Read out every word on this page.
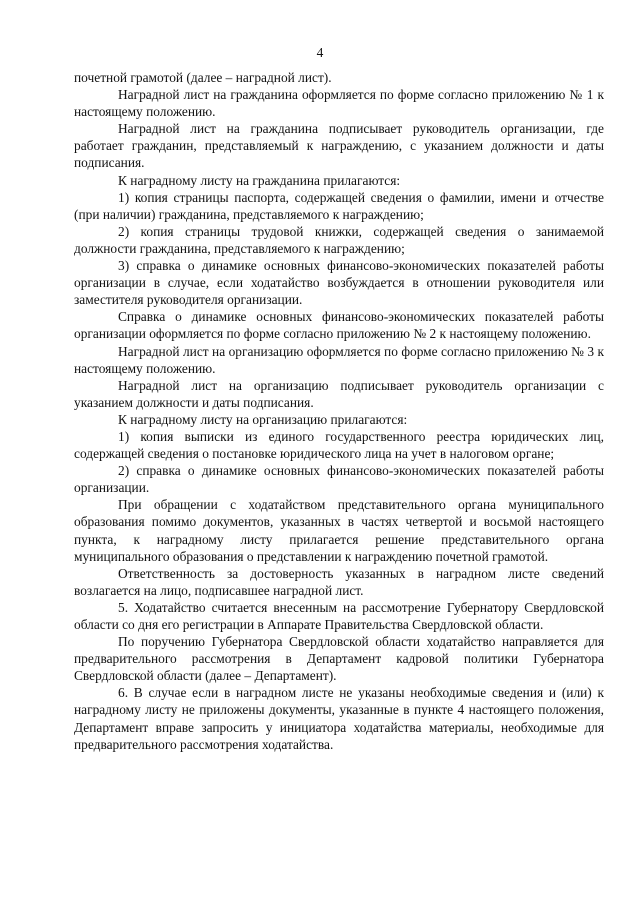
4

почетной грамотой (далее – наградной лист).

Наградной лист на гражданина оформляется по форме согласно приложению № 1 к настоящему положению.

Наградной лист на гражданина подписывает руководитель организации, где работает гражданин, представляемый к награждению, с указанием должности и даты подписания.

К наградному листу на гражданина прилагаются:

1) копия страницы паспорта, содержащей сведения о фамилии, имени и отчестве (при наличии) гражданина, представляемого к награждению;

2) копия страницы трудовой книжки, содержащей сведения о занимаемой должности гражданина, представляемого к награждению;

3) справка о динамике основных финансово-экономических показателей работы организации в случае, если ходатайство возбуждается в отношении руководителя или заместителя руководителя организации.

Справка о динамике основных финансово-экономических показателей работы организации оформляется по форме согласно приложению № 2 к настоящему положению.

Наградной лист на организацию оформляется по форме согласно приложению № 3 к настоящему положению.

Наградной лист на организацию подписывает руководитель организации с указанием должности и даты подписания.

К наградному листу на организацию прилагаются:

1) копия выписки из единого государственного реестра юридических лиц, содержащей сведения о постановке юридического лица на учет в налоговом органе;

2) справка о динамике основных финансово-экономических показателей работы организации.

При обращении с ходатайством представительного органа муниципального образования помимо документов, указанных в частях четвертой и восьмой настоящего пункта, к наградному листу прилагается решение представительного органа муниципального образования о представлении к награждению почетной грамотой.

Ответственность за достоверность указанных в наградном листе сведений возлагается на лицо, подписавшее наградной лист.

5. Ходатайство считается внесенным на рассмотрение Губернатору Свердловской области со дня его регистрации в Аппарате Правительства Свердловской области.

По поручению Губернатора Свердловской области ходатайство направляется для предварительного рассмотрения в Департамент кадровой политики Губернатора Свердловской области (далее – Департамент).

6. В случае если в наградном листе не указаны необходимые сведения и (или) к наградному листу не приложены документы, указанные в пункте 4 настоящего положения, Департамент вправе запросить у инициатора ходатайства материалы, необходимые для предварительного рассмотрения ходатайства.
